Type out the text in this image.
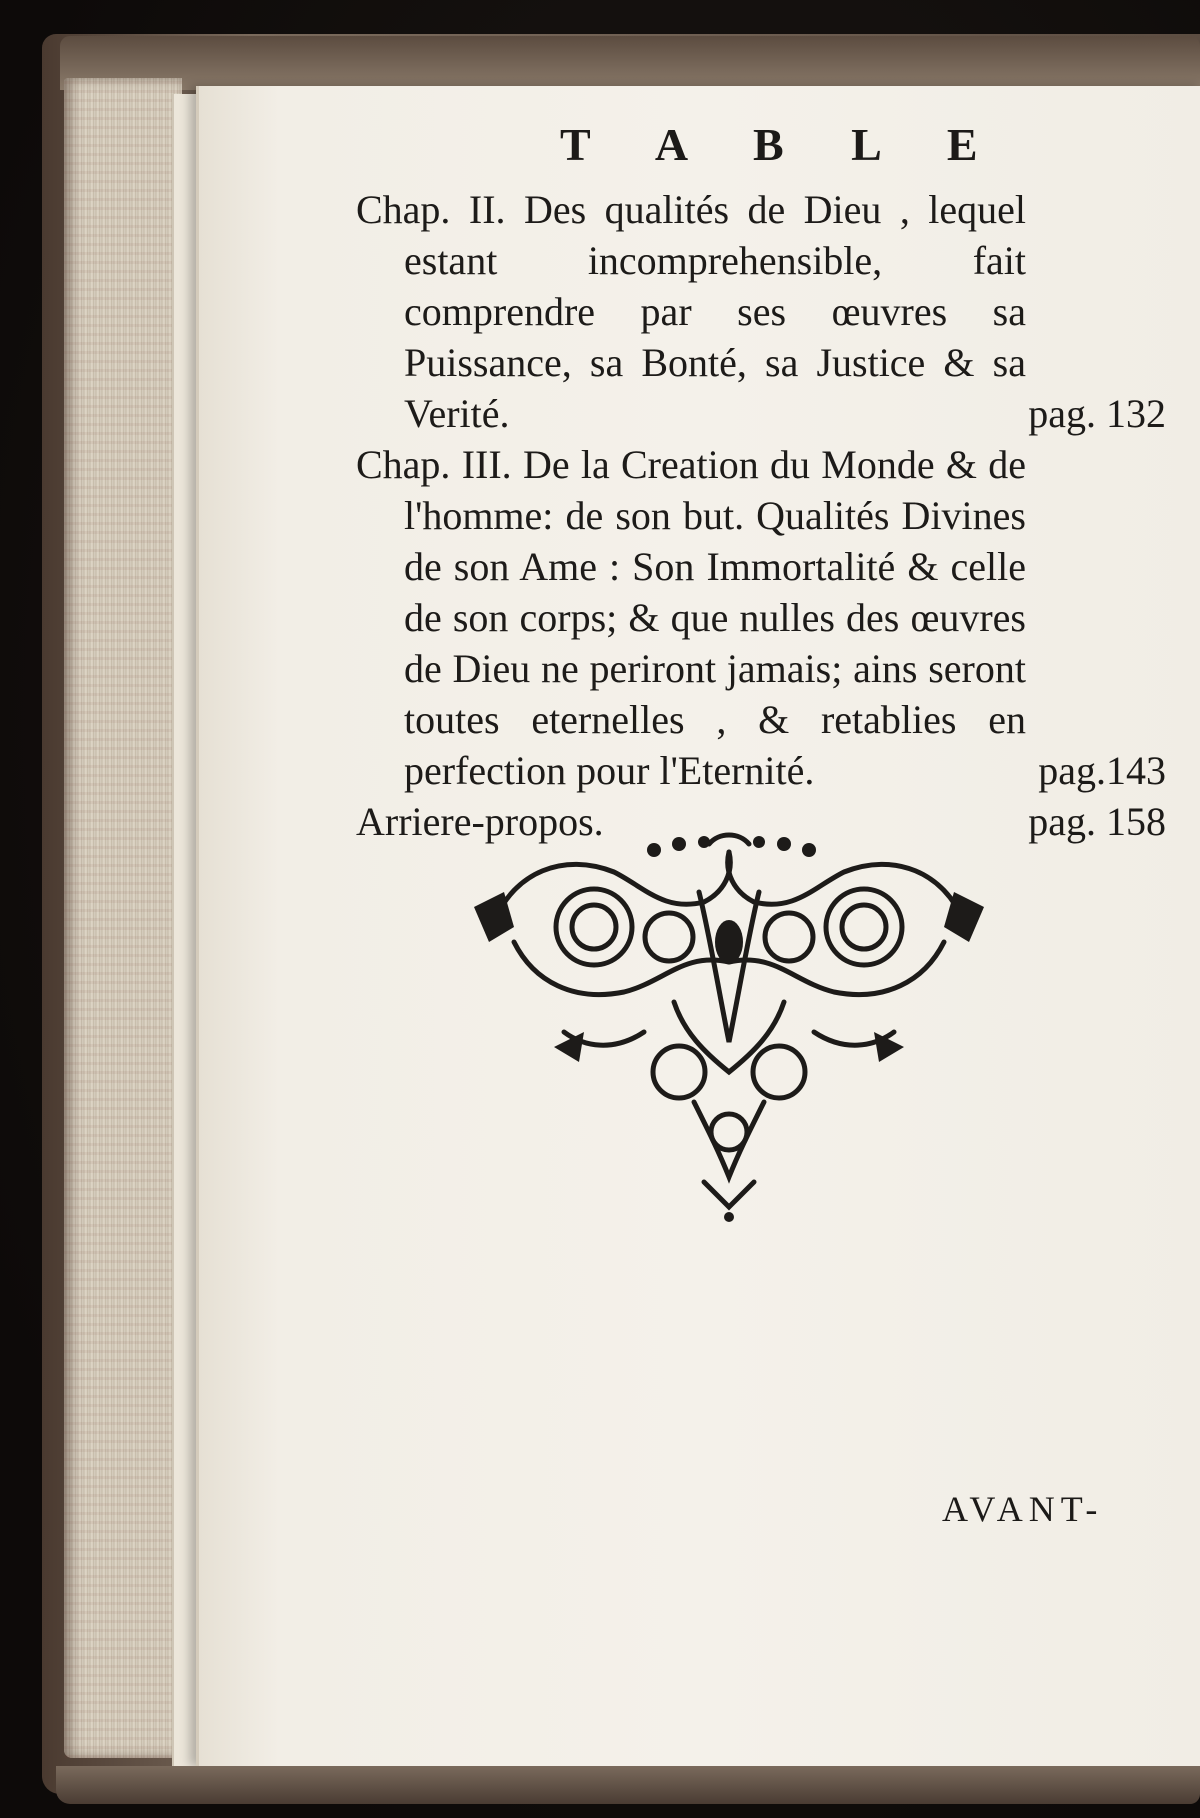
T A B L E
Chap. II. Des qualités de Dieu , lequel estant incomprehensible, fait comprendre par ses œuvres sa Puissance, sa Bonté, sa Justice & sa Verité.	pag. 132
Chap. III. De la Creation du Monde & de l'homme: de son but. Qualités Divines de son Ame : Son Immortalité & celle de son corps; & que nulles des œuvres de Dieu ne periront jamais; ains seront toutes eternelles , & retablies en perfection pour l'Eternité.	pag.143
Arriere-propos.	pag. 158
AVANT-
